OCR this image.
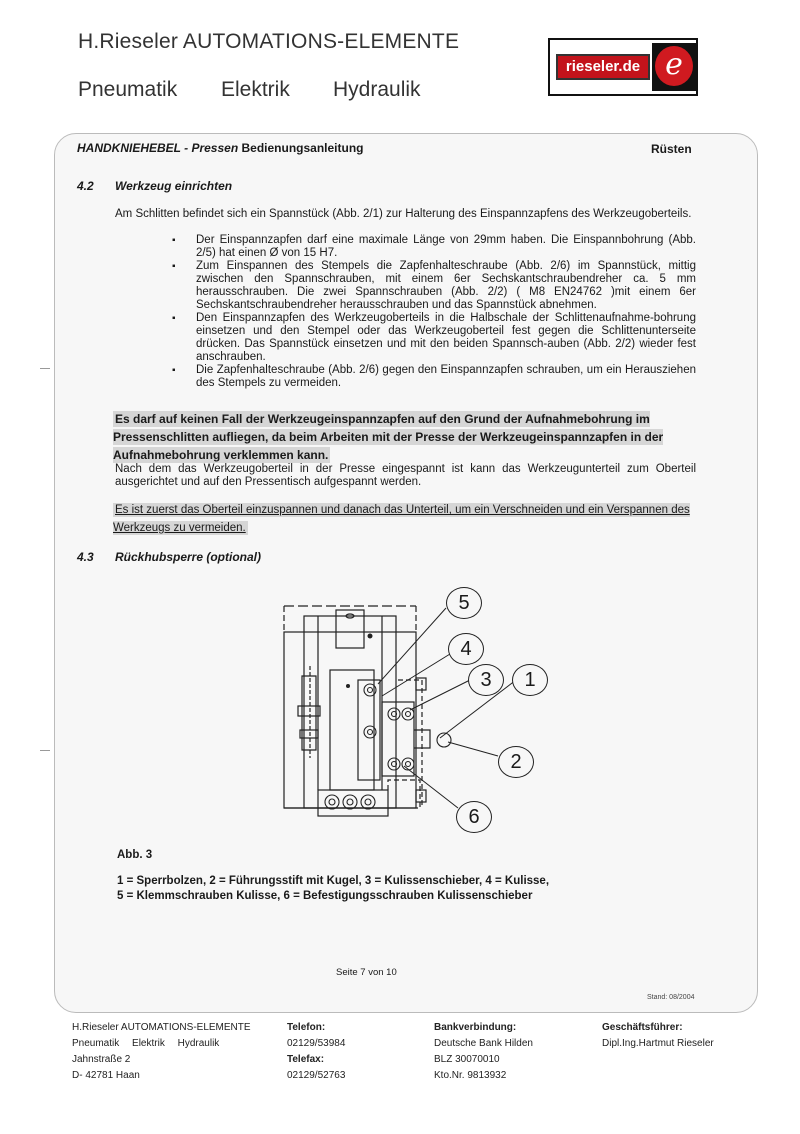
H.Rieseler AUTOMATIONS-ELEMENTE
Pneumatik Elektrik Hydraulik
rieseler.de e
HANDKNIEHEBEL - Pressen Bedienungsanleitung	Rüsten
4.2 Werkzeug einrichten
Am Schlitten befindet sich ein Spannstück (Abb. 2/1) zur Halterung des Einspannzapfens des Werkzeugoberteils.
▪ Der Einspannzapfen darf eine maximale Länge von 29mm haben. Die Einspannbohrung (Abb. 2/5) hat einen Ø von 15 H7.
▪ Zum Einspannen des Stempels die Zapfenhalteschraube (Abb. 2/6) im Spannstück, mittig zwischen den Spannschrauben, mit einem 6er Sechskantschraubendreher ca. 5 mm herausschrauben. Die zwei Spannschrauben (Abb. 2/2) ( M8 EN24762 )mit einem 6er Sechskantschraubendreher herausschrauben und das Spannstück abnehmen.
▪ Den Einspannzapfen des Werkzeugoberteils in die Halbschale der Schlittenaufnahme-bohrung einsetzen und den Stempel oder das Werkzeugoberteil fest gegen die Schlittenunterseite drücken. Das Spannstück einsetzen und mit den beiden Spannsch-auben (Abb. 2/2) wieder fest anschrauben.
▪ Die Zapfenhalteschraube (Abb. 2/6) gegen den Einspannzapfen schrauben, um ein Herausziehen des Stempels zu vermeiden.
Es darf auf keinen Fall der Werkzeugeinspannzapfen auf den Grund der Aufnahmebohrung im Pressenschlitten aufliegen, da beim Arbeiten mit der Presse der Werkzeugeinspannzapfen in der Aufnahmebohrung verklemmen kann.
Nach dem das Werkzeugoberteil in der Presse eingespannt ist kann das Werkzeugunterteil zum Oberteil ausgerichtet und auf den Pressentisch aufgespannt werden.
Es ist zuerst das Oberteil einzuspannen und danach das Unterteil, um ein Verschneiden und ein Verspannen des Werkzeugs zu vermeiden.
4.3 Rückhubsperre (optional)
5
4
3	1
2
6
Abb. 3
1 = Sperrbolzen, 2 = Führungsstift mit Kugel, 3 = Kulissenschieber, 4 = Kulisse,
5 = Klemmschrauben Kulisse, 6 = Befestigungsschrauben Kulissenschieber
Seite 7 von 10
Stand: 08/2004
H.Rieseler AUTOMATIONS-ELEMENTE
Pneumatik Elektrik Hydraulik
Jahnstraße 2
D- 42781 Haan
Telefon:
02129/53984
Telefax:
02129/52763
Bankverbindung:
Deutsche Bank Hilden
BLZ 30070010
Kto.Nr. 9813932
Geschäftsführer:
Dipl.Ing.Hartmut Rieseler
